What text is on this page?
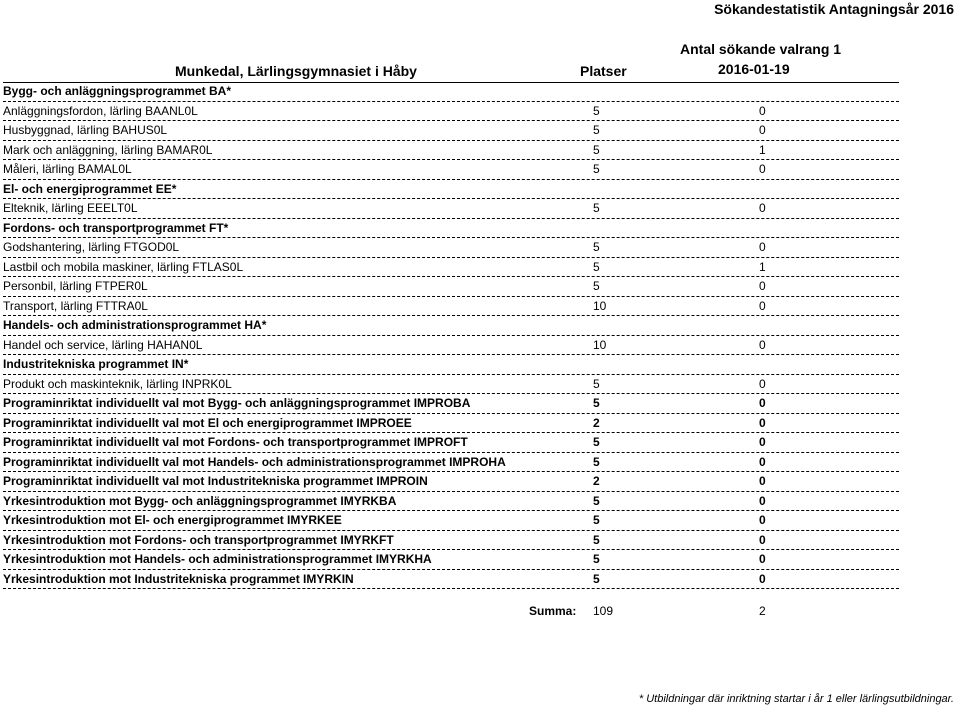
Sökandestatistik Antagningsår 2016
Munkedal, Lärlingsgymnasiet i Håby	Platser
Antal sökande valrang 1
2016-01-19
Bygg- och anläggningsprogrammet BA*
Anläggningsfordon, lärling BAANL0L	5	0
Husbyggnad, lärling BAHUS0L	5	0
Mark och anläggning, lärling BAMAR0L	5	1
Måleri, lärling BAMAL0L	5	0
El- och energiprogrammet EE*
Elteknik, lärling EEELT0L	5	0
Fordons- och transportprogrammet FT*
Godshantering, lärling FTGOD0L	5	0
Lastbil och mobila maskiner, lärling FTLAS0L	5	1
Personbil, lärling FTPER0L	5	0
Transport, lärling FTTRA0L	10	0
Handels- och administrationsprogrammet HA*
Handel och service, lärling HAHAN0L	10	0
Industritekniska programmet IN*
Produkt och maskinteknik, lärling INPRK0L	5	0
Programinriktat individuellt val mot Bygg- och anläggningsprogrammet IMPROBA	5	0
Programinriktat individuellt val mot El och energiprogrammet IMPROEE	2	0
Programinriktat individuellt val mot Fordons- och transportprogrammet IMPROFT	5	0
Programinriktat individuellt val mot Handels- och administrationsprogrammet IMPROHA	5	0
Programinriktat individuellt val mot Industritekniska programmet IMPROIN	2	0
Yrkesintroduktion mot Bygg- och anläggningsprogrammet IMYRKBA	5	0
Yrkesintroduktion mot El- och energiprogrammet IMYRKEE	5	0
Yrkesintroduktion mot Fordons- och transportprogrammet IMYRKFT	5	0
Yrkesintroduktion mot Handels- och administrationsprogrammet IMYRKHA	5	0
Yrkesintroduktion mot Industritekniska programmet IMYRKIN	5	0
Summa: 109	2
* Utbildningar där inriktning startar i år 1 eller lärlingsutbildningar.
